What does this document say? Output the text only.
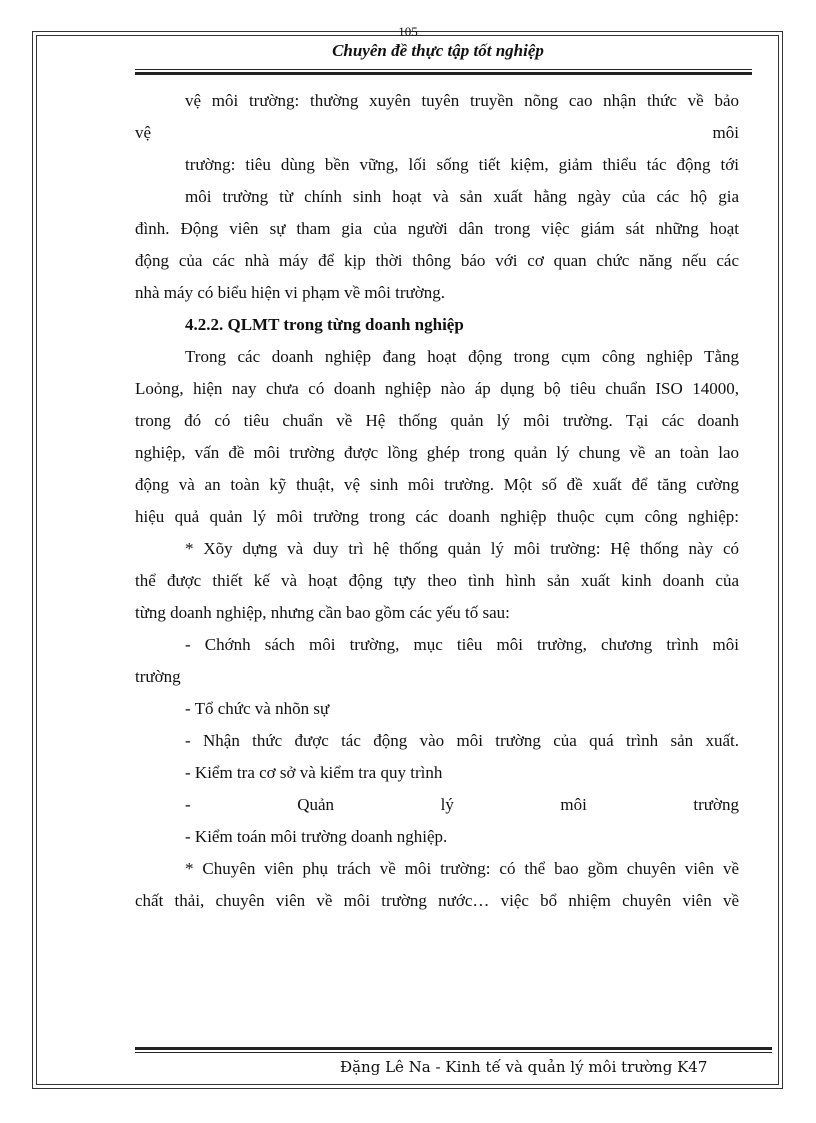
105
Chuyên đề thực tập tốt nghiệp
vệ môi trường: thường xuyên tuyên truyền nõng cao nhận thức về bảo
vệ môi
trường: tiêu dùng bền vững, lối sống tiết kiệm, giảm thiểu tác động tới
môi trường từ chính sinh hoạt và sản xuất hằng ngày của các hộ gia
đình. Động viên sự tham gia của người dân trong việc giám sát những hoạt
động của các nhà máy để kịp thời thông báo với cơ quan chức năng nếu các
nhà máy có biểu hiện vi phạm về môi trường.
4.2.2. QLMT trong từng doanh nghiệp
Trong các doanh nghiệp đang hoạt động trong cụm công nghiệp Tằng
Loỏng, hiện nay chưa có doanh nghiệp nào áp dụng bộ tiêu chuẩn ISO 14000,
trong đó có tiêu chuẩn về Hệ thống quản lý môi trường. Tại các doanh
nghiệp, vấn đề môi trường được lồng ghép trong quản lý chung về an toàn lao
động và an toàn kỹ thuật, vệ sinh môi trường. Một số đề xuất để tăng cường
hiệu quả quản lý môi trường trong các doanh nghiệp thuộc cụm công nghiệp:
* Xõy dựng và duy trì hệ thống quản lý môi trường: Hệ thống này có
thể được thiết kế và hoạt động tựy theo tình hình sản xuất kinh doanh của
từng doanh nghiệp, nhưng cần bao gồm các yếu tố sau:
- Chớnh sách môi trường, mục tiêu môi trường, chương trình môi
trường
- Tổ chức và nhõn sự
- Nhận thức được tác động vào môi trường của quá trình sản xuất.
- Kiểm tra cơ sở và kiểm tra quy trình
- Quản lý môi trường
- Kiểm toán môi trường doanh nghiệp.
* Chuyên viên phụ trách về môi trường: có thể bao gồm chuyên viên về
chất thải, chuyên viên về môi trường nước… việc bổ nhiệm chuyên viên về
Đặng Lê Na - Kinh tế và quản lý môi trường K47
